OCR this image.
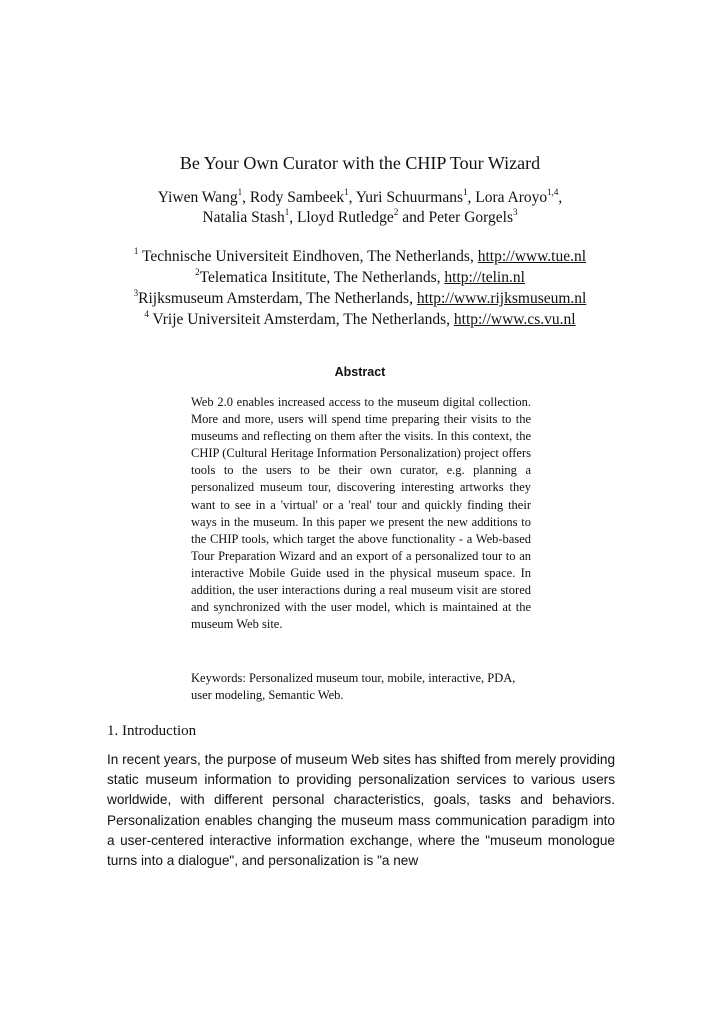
Be Your Own Curator with the CHIP Tour Wizard
Yiwen Wang$^1$, Rody Sambeek$^1$, Yuri Schuurmans$^1$, Lora Aroyo$^{1,4}$,
Natalia Stash$^1$, Lloyd Rutledge$^2$ and Peter Gorgels$^3$
$^1$ Technische Universiteit Eindhoven, The Netherlands, http://www.tue.nl
$^2$Telematica Insititute, The Netherlands, http://telin.nl
$^3$Rijksmuseum Amsterdam, The Netherlands, http://www.rijksmuseum.nl
$^4$ Vrije Universiteit Amsterdam, The Netherlands, http://www.cs.vu.nl
Abstract
Web 2.0 enables increased access to the museum digital collection. More and more, users will spend time preparing their visits to the museums and reflecting on them after the visits. In this context, the CHIP (Cultural Heritage Information Personalization) project offers tools to the users to be their own curator, e.g. planning a personalized museum tour, discovering interesting artworks they want to see in a 'virtual' or a 'real' tour and quickly finding their ways in the museum. In this paper we present the new additions to the CHIP tools, which target the above functionality - a Web-based Tour Preparation Wizard and an export of a personalized tour to an interactive Mobile Guide used in the physical museum space. In addition, the user interactions during a real museum visit are stored and synchronized with the user model, which is maintained at the museum Web site.
Keywords: Personalized museum tour, mobile, interactive, PDA, user modeling, Semantic Web.
1. Introduction
In recent years, the purpose of museum Web sites has shifted from merely providing static museum information to providing personalization services to various users worldwide, with different personal characteristics, goals, tasks and behaviors. Personalization enables changing the museum mass communication paradigm into a user-centered interactive information exchange, where the "museum monologue turns into a dialogue", and personalization is "a new
